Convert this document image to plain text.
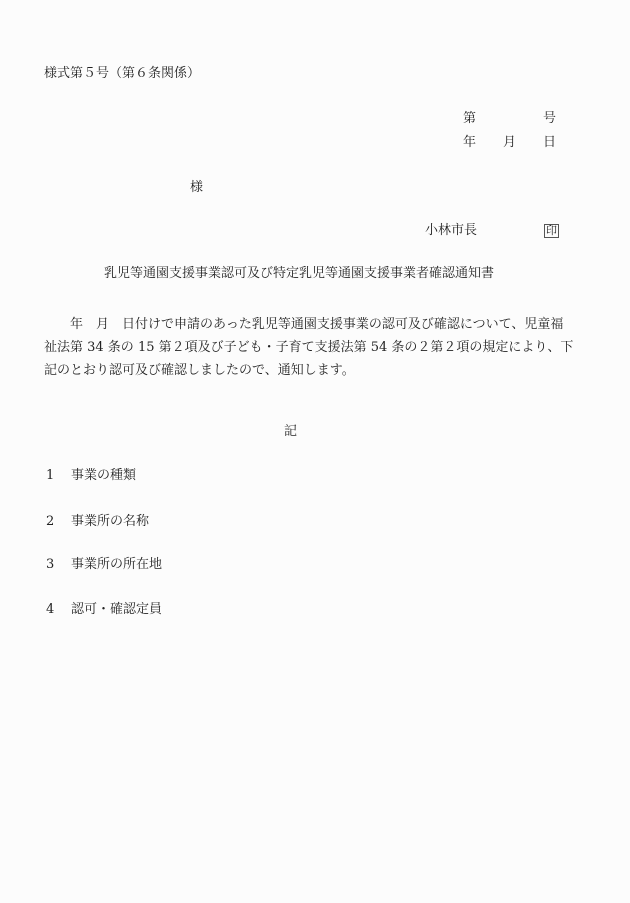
様式第５号（第６条関係）
第	号
年 月 日
様
小林市長	印
乳児等通園支援事業認可及び特定乳児等通園支援事業者確認通知書
　　年　月　日付けで申請のあった乳児等通園支援事業の認可及び確認について、児童福
祉法第 34 条の 15 第２項及び子ども・子育て支援法第 54 条の２第２項の規定により、下
記のとおり認可及び確認しましたので、通知します。
記
1 事業の種類
2 事業所の名称
3 事業所の所在地
4 認可・確認定員
